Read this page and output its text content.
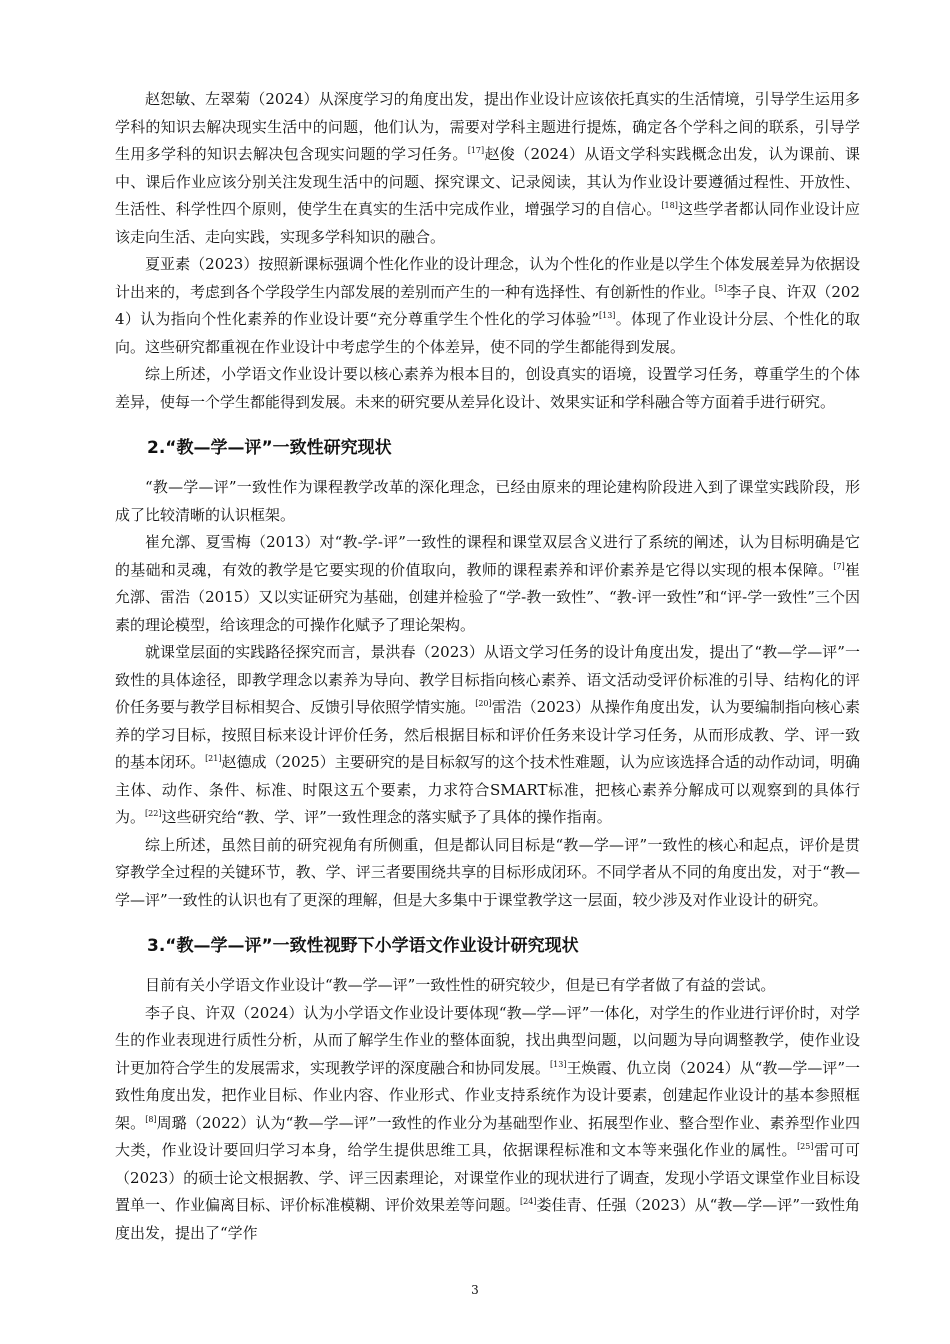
赵恕敏、左翠菊（2024）从深度学习的角度出发，提出作业设计应该依托真实的生活情境，引导学生运用多学科的知识去解决现实生活中的问题，他们认为，需要对学科主题进行提炼，确定各个学科之间的联系，引导学生用多学科的知识去解决包含现实问题的学习任务。[17]赵俊（2024）从语文学科实践概念出发，认为课前、课中、课后作业应该分别关注发现生活中的问题、探究课文、记录阅读，其认为作业设计要遵循过程性、开放性、生活性、科学性四个原则，使学生在真实的生活中完成作业，增强学习的自信心。[18]这些学者都认同作业设计应该走向生活、走向实践，实现多学科知识的融合。

夏亚素（2023）按照新课标强调个性化作业的设计理念，认为个性化的作业是以学生个体发展差异为依据设计出来的，考虑到各个学段学生内部发展的差别而产生的一种有选择性、有创新性的作业。[5]李子良、许双（2024）认为指向个性化素养的作业设计要“充分尊重学生个性化的学习体验”[13]。体现了作业设计分层、个性化的取向。这些研究都重视在作业设计中考虑学生的个体差异，使不同的学生都能得到发展。

综上所述，小学语文作业设计要以核心素养为根本目的，创设真实的语境，设置学习任务，尊重学生的个体差异，使每一个学生都能得到发展。未来的研究要从差异化设计、效果实证和学科融合等方面着手进行研究。

2.“教—学—评”一致性研究现状

“教—学—评”一致性作为课程教学改革的深化理念，已经由原来的理论建构阶段进入到了课堂实践阶段，形成了比较清晰的认识框架。

崔允漷、夏雪梅（2013）对“教-学-评”一致性的课程和课堂双层含义进行了系统的阐述，认为目标明确是它的基础和灵魂，有效的教学是它要实现的价值取向，教师的课程素养和评价素养是它得以实现的根本保障。[7]崔允漷、雷浩（2015）又以实证研究为基础，创建并检验了“学-教一致性”、“教-评一致性”和“评-学一致性”三个因素的理论模型，给该理念的可操作化赋予了理论架构。

就课堂层面的实践路径探究而言，景洪春（2023）从语文学习任务的设计角度出发，提出了“教—学—评”一致性的具体途径，即教学理念以素养为导向、教学目标指向核心素养、语文活动受评价标准的引导、结构化的评价任务要与教学目标相契合、反馈引导依照学情实施。[20]雷浩（2023）从操作角度出发，认为要编制指向核心素养的学习目标，按照目标来设计评价任务，然后根据目标和评价任务来设计学习任务，从而形成教、学、评一致的基本闭环。[21]赵德成（2025）主要研究的是目标叙写的这个技术性难题，认为应该选择合适的动作动词，明确主体、动作、条件、标准、时限这五个要素，力求符合SMART标准，把核心素养分解成可以观察到的具体行为。[22]这些研究给“教、学、评”一致性理念的落实赋予了具体的操作指南。

综上所述，虽然目前的研究视角有所侧重，但是都认同目标是“教—学—评”一致性的核心和起点，评价是贯穿教学全过程的关键环节，教、学、评三者要围绕共享的目标形成闭环。不同学者从不同的角度出发，对于“教—学—评”一致性的认识也有了更深的理解，但是大多集中于课堂教学这一层面，较少涉及对作业设计的研究。

3.“教—学—评”一致性视野下小学语文作业设计研究现状

目前有关小学语文作业设计“教—学—评”一致性性的研究较少，但是已有学者做了有益的尝试。

李子良、许双（2024）认为小学语文作业设计要体现“教—学—评”一体化，对学生的作业进行评价时，对学生的作业表现进行质性分析，从而了解学生作业的整体面貌，找出典型问题，以问题为导向调整教学，使作业设计更加符合学生的发展需求，实现教学评的深度融合和协同发展。[13]王焕霞、仇立岗（2024）从“教—学—评”一致性角度出发，把作业目标、作业内容、作业形式、作业支持系统作为设计要素，创建起作业设计的基本参照框架。[8]周璐（2022）认为“教—学—评”一致性的作业分为基础型作业、拓展型作业、整合型作业、素养型作业四大类，作业设计要回归学习本身，给学生提供思维工具，依据课程标准和文本等来强化作业的属性。[25]雷可可（2023）的硕士论文根据教、学、评三因素理论，对课堂作业的现状进行了调查，发现小学语文课堂作业目标设置单一、作业偏离目标、评价标准模糊、评价效果差等问题。[24]娄佳青、任强（2023）从“教—学—评”一致性角度出发，提出了“学作

3
